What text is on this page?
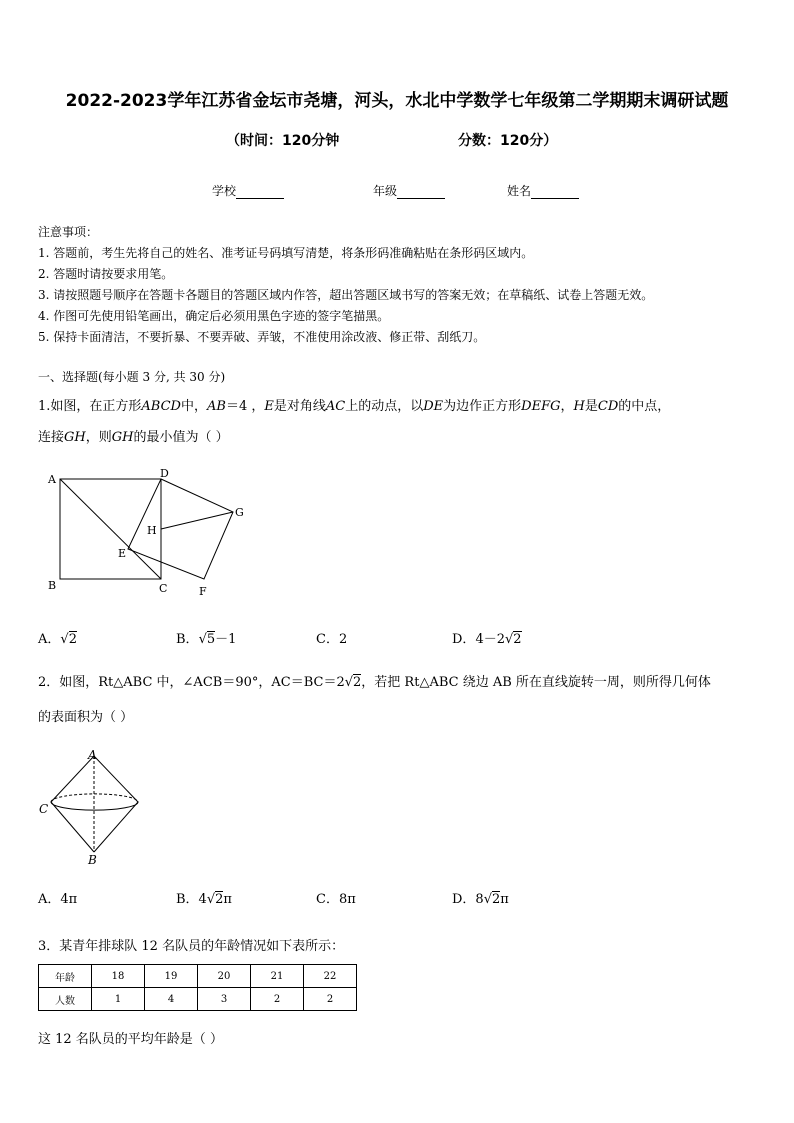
2022-2023学年江苏省金坛市尧塘，河头，水北中学数学七年级第二学期期末调研试题
（时间：120分钟	分数：120分）
学校	年级	姓名
注意事项：
1. 答题前，考生先将自己的姓名、准考证号码填写清楚，将条形码准确粘贴在条形码区域内。
2. 答题时请按要求用笔。
3. 请按照题号顺序在答题卡各题目的答题区域内作答，超出答题区域书写的答案无效；在草稿纸、试卷上答题无效。
4. 作图可先使用铅笔画出，确定后必须用黑色字迹的签字笔描黑。
5. 保持卡面清洁，不要折暴、不要弄破、弄皱，不准使用涂改液、修正带、刮纸刀。
一、选择题(每小题 3 分, 共 30 分)
1.如图，在正方形ABCD中，AB＝4 ，E是对角线AC上的动点，以DE为边作正方形DEFG，H是CD的中点，
连接GH，则GH的最小值为（ ）
A	D
B	C
E
F
G
H
A．√2	B．√5－1	C．2	D．4－2√2
2．如图，Rt△ABC 中，∠ACB＝90°，AC＝BC＝2√2，若把 Rt△ABC 绕边 AB 所在直线旋转一周，则所得几何体
的表面积为（ ）
A
C
B
A．4π	B．4√2π	C．8π	D．8√2π
3．某青年排球队 12 名队员的年龄情况如下表所示：
年龄	18	19	20	21	22
人数	1	4	3	2	2
这 12 名队员的平均年龄是（ ）
